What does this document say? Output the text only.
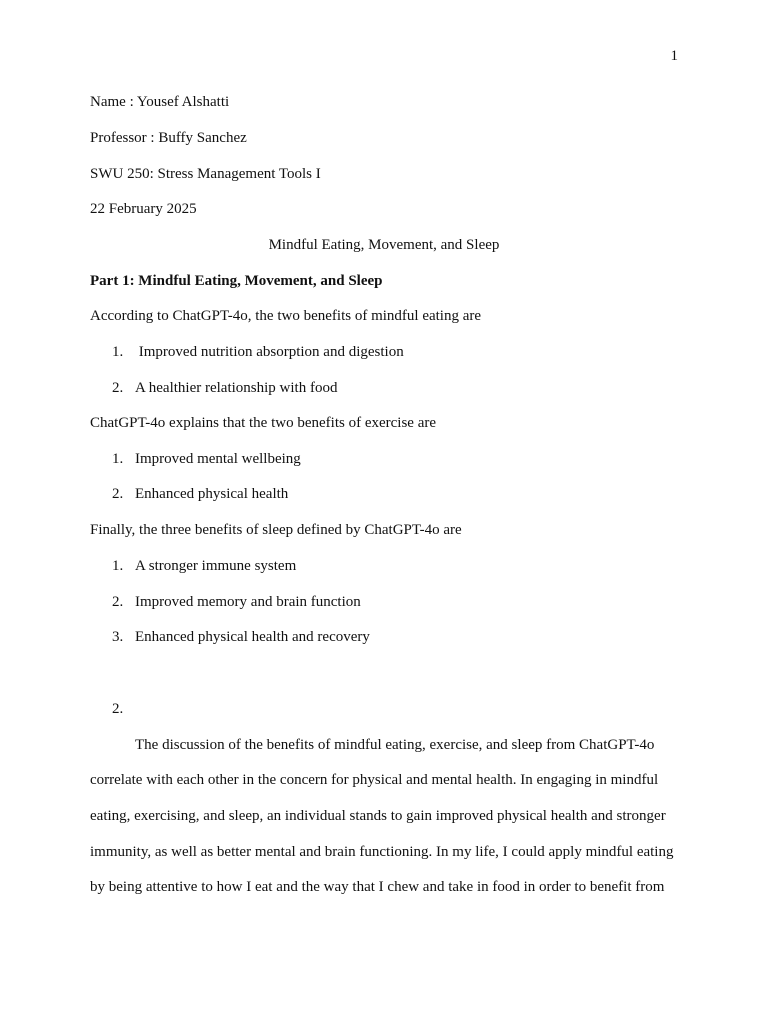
1
Name : Yousef Alshatti
Professor : Buffy Sanchez
SWU 250: Stress Management Tools I
22 February 2025
Mindful Eating, Movement, and Sleep
Part 1: Mindful Eating, Movement, and Sleep
According to ChatGPT-4o, the two benefits of mindful eating are
1. Improved nutrition absorption and digestion
2. A healthier relationship with food
ChatGPT-4o explains that the two benefits of exercise are
1. Improved mental wellbeing
2. Enhanced physical health
Finally, the three benefits of sleep defined by ChatGPT-4o are
1. A stronger immune system
2. Improved memory and brain function
3. Enhanced physical health and recovery
2.
The discussion of the benefits of mindful eating, exercise, and sleep from ChatGPT-4o
correlate with each other in the concern for physical and mental health. In engaging in mindful
eating, exercising, and sleep, an individual stands to gain improved physical health and stronger
immunity, as well as better mental and brain functioning. In my life, I could apply mindful eating
by being attentive to how I eat and the way that I chew and take in food in order to benefit from
